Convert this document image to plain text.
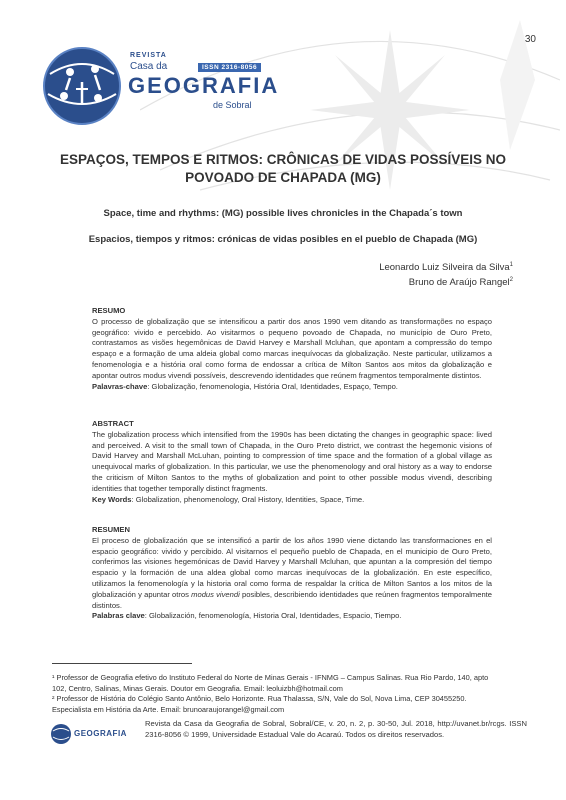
30
REVISTA
Casa da	ISSN 2316-8056
GEOGRAFIA
de Sobral
ESPAÇOS, TEMPOS E RITMOS: CRÔNICAS DE VIDAS POSSÍVEIS NO
POVOADO DE CHAPADA (MG)
Space, time and rhythms: (MG) possible lives chronicles in the Chapada´s town
Espacios, tiempos y ritmos: crónicas de vidas posibles en el pueblo de Chapada (MG)
Leonardo Luiz Silveira da Silva$^1$
Bruno de Araújo Rangel$^2$
RESUMO

O processo de globalização que se intensificou a partir dos anos 1990 vem ditando as transformações no espaço geográfico: vivido e percebido. Ao visitarmos o pequeno povoado de Chapada, no município de Ouro Preto, contrastamos as visões hegemônicas de David Harvey e Marshall Mcluhan, que apontam a compressão do tempo espaço e a formação de uma aldeia global como marcas inequívocas da globalização. Neste particular, utilizamos a fenomenologia e a história oral como forma de endossar a crítica de Milton Santos aos mitos da globalização e apontar outros modus vivendi possíveis, descrevendo identidades que reúnem fragmentos temporalmente distintos.

Palavras-chave: Globalização, fenomenologia, História Oral, Identidades, Espaço, Tempo.

ABSTRACT

The globalization process which intensified from the 1990s has been dictating the changes in geographic space: lived and perceived. A visit to the small town of Chapada, in the Ouro Preto district, we contrast the hegemonic visions of David Harvey and Marshall McLuhan, pointing to compression of time space and the formation of a global village as unequivocal marks of globalization. In this particular, we use the phenomenology and oral history as a way to endorse the criticism of Milton Santos to the myths of globalization and point to other possible modus vivendi, describing identities that together temporally distinct fragments.

Key Words: Globalization, phenomenology, Oral History, Identities, Space, Time.

RESUMEN

El proceso de globalización que se intensificó a partir de los años 1990 viene dictando las transformaciones en el espacio geográfico: vivido y percibido. Al visitarnos el pequeño pueblo de Chapada, en el municipio de Ouro Preto, conferimos las visiones hegemónicas de David Harvey y Marshall Mcluhan, que apuntan a la compresión del tiempo espacio y la formación de una aldea global como marcas inequívocas de la globalización. En este específico, utilizamos la fenomenología y la historia oral como forma de respaldar la crítica de Milton Santos a los mitos de la globalización y apuntar otros modus vivendi posibles, describiendo identidades que reúnen fragmentos temporalmente distintos.

Palabras clave: Globalización, fenomenología, Historia Oral, Identidades, Espacio, Tiempo.

¹ Professor de Geografia efetivo do Instituto Federal do Norte de Minas Gerais - IFNMG – Campus Salinas. Rua Rio Pardo, 140, apto 102, Centro, Salinas, Minas Gerais. Doutor em Geografia. Email: leoluizbh@hotmail.com
² Professor de História do Colégio Santo Antônio, Belo Horizonte. Rua Thalassa, S/N, Vale do Sol, Nova Lima, CEP 30455250. Especialista em História da Arte. Email: brunoaraujorangel@gmail.com
GEOGRAFIA
Revista da Casa da Geografia de Sobral, Sobral/CE, v. 20, n. 2, p. 30-50, Jul. 2018, http://uvanet.br/rcgs. ISSN 2316-8056 © 1999, Universidade Estadual Vale do Acaraú. Todos os direitos reservados.
